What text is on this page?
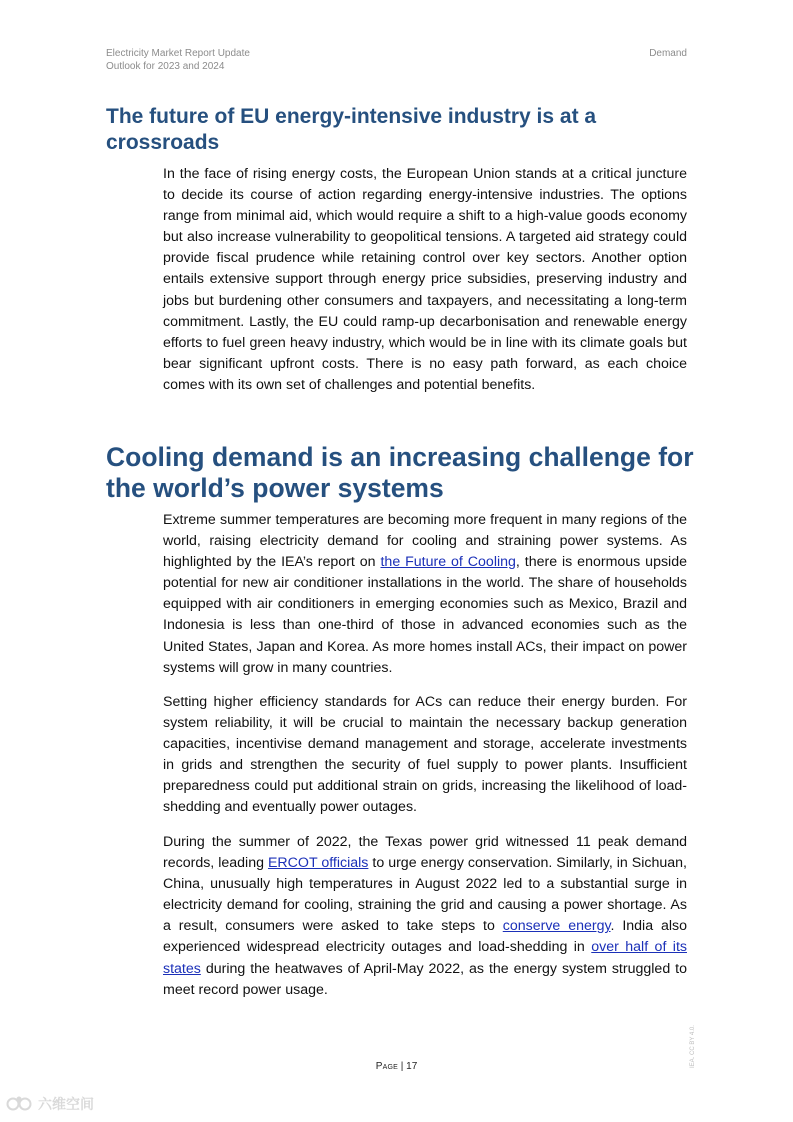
Electricity Market Report Update
Outlook for 2023 and 2024
Demand
The future of EU energy-intensive industry is at a crossroads

In the face of rising energy costs, the European Union stands at a critical juncture to decide its course of action regarding energy-intensive industries. The options range from minimal aid, which would require a shift to a high-value goods economy but also increase vulnerability to geopolitical tensions. A targeted aid strategy could provide fiscal prudence while retaining control over key sectors. Another option entails extensive support through energy price subsidies, preserving industry and jobs but burdening other consumers and taxpayers, and necessitating a long-term commitment. Lastly, the EU could ramp-up decarbonisation and renewable energy efforts to fuel green heavy industry, which would be in line with its climate goals but bear significant upfront costs. There is no easy path forward, as each choice comes with its own set of challenges and potential benefits.

Cooling demand is an increasing challenge for the world’s power systems

Extreme summer temperatures are becoming more frequent in many regions of the world, raising electricity demand for cooling and straining power systems. As highlighted by the IEA’s report on the Future of Cooling, there is enormous upside potential for new air conditioner installations in the world. The share of households equipped with air conditioners in emerging economies such as Mexico, Brazil and Indonesia is less than one-third of those in advanced economies such as the United States, Japan and Korea. As more homes install ACs, their impact on power systems will grow in many countries.

Setting higher efficiency standards for ACs can reduce their energy burden. For system reliability, it will be crucial to maintain the necessary backup generation capacities, incentivise demand management and storage, accelerate investments in grids and strengthen the security of fuel supply to power plants. Insufficient preparedness could put additional strain on grids, increasing the likelihood of load-shedding and eventually power outages.

During the summer of 2022, the Texas power grid witnessed 11 peak demand records, leading ERCOT officials to urge energy conservation. Similarly, in Sichuan, China, unusually high temperatures in August 2022 led to a substantial surge in electricity demand for cooling, straining the grid and causing a power shortage. As a result, consumers were asked to take steps to conserve energy. India also experienced widespread electricity outages and load-shedding in over half of its states during the heatwaves of April-May 2022, as the energy system struggled to meet record power usage.

Page | 17	IEA. CC BY 4.0.
六维空间
